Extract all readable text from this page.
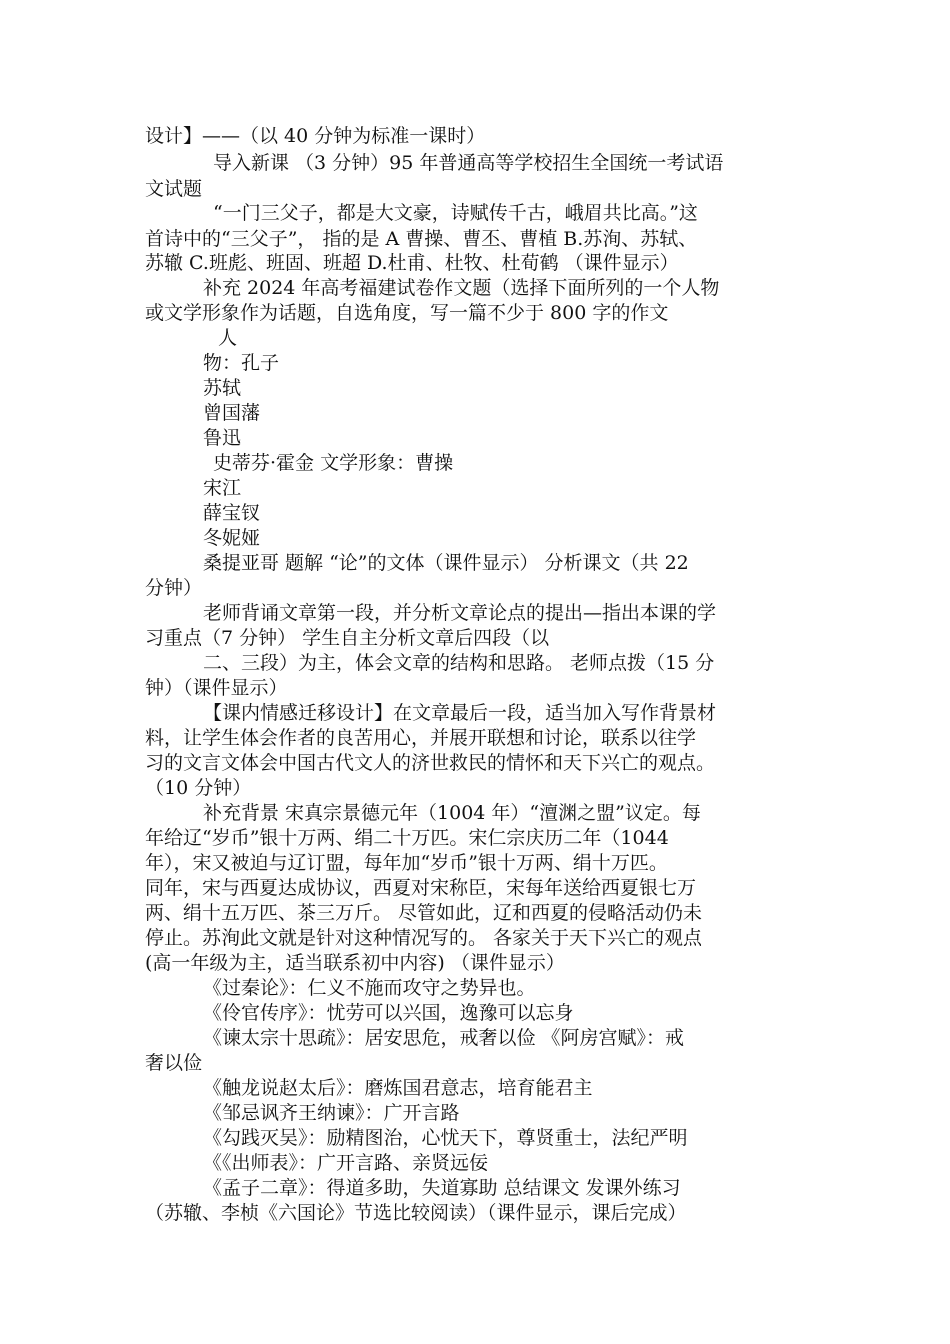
设计】——（以 40 分钟为标准一课时）
导入新课 （3 分钟）95 年普通高等学校招生全国统一考试语
文试题
“一门三父子，都是大文豪，诗赋传千古，峨眉共比高。”这
首诗中的“三父子”， 指的是 A 曹操、曹丕、曹植 B.苏洵、苏轼、
苏辙 C.班彪、班固、班超 D.杜甫、杜牧、杜荀鹤 （课件显示）
补充 2024 年高考福建试卷作文题（选择下面所列的一个人物
或文学形象作为话题，自选角度，写一篇不少于 800 字的作文
人
物：孔子
苏轼
曾国藩
鲁迅
史蒂芬·霍金 文学形象：曹操
宋江
薛宝钗
冬妮娅
桑提亚哥 题解 “论”的文体（课件显示） 分析课文（共 22
分钟）
老师背诵文章第一段，并分析文章论点的提出—指出本课的学
习重点（7 分钟） 学生自主分析文章后四段（以
二、三段）为主，体会文章的结构和思路。 老师点拨（15 分
钟）（课件显示）
【课内情感迁移设计】在文章最后一段，适当加入写作背景材
料，让学生体会作者的良苦用心，并展开联想和讨论，联系以往学
习的文言文体会中国古代文人的济世救民的情怀和天下兴亡的观点。
（10 分钟）
补充背景 宋真宗景德元年（1004 年）“澶渊之盟”议定。每
年给辽“岁币”银十万两、绢二十万匹。宋仁宗庆历二年（1044
年），宋又被迫与辽订盟，每年加“岁币”银十万两、绢十万匹。
同年，宋与西夏达成协议，西夏对宋称臣，宋每年送给西夏银七万
两、绢十五万匹、茶三万斤。 尽管如此，辽和西夏的侵略活动仍未
停止。苏洵此文就是针对这种情况写的。 各家关于天下兴亡的观点
(高一年级为主，适当联系初中内容) （课件显示）
《过秦论》：仁义不施而攻守之势异也。
《伶官传序》：忧劳可以兴国，逸豫可以忘身
《谏太宗十思疏》：居安思危，戒奢以俭 《阿房宫赋》：戒
奢以俭
《触龙说赵太后》：磨炼国君意志，培育能君主
《邹忌讽齐王纳谏》：广开言路
《勾践灭吴》：励精图治，心忧天下，尊贤重士，法纪严明
《《出师表》：广开言路、亲贤远佞
《孟子二章》：得道多助，失道寡助 总结课文 发课外练习
（苏辙、李桢《六国论》节选比较阅读）（课件显示，课后完成）
